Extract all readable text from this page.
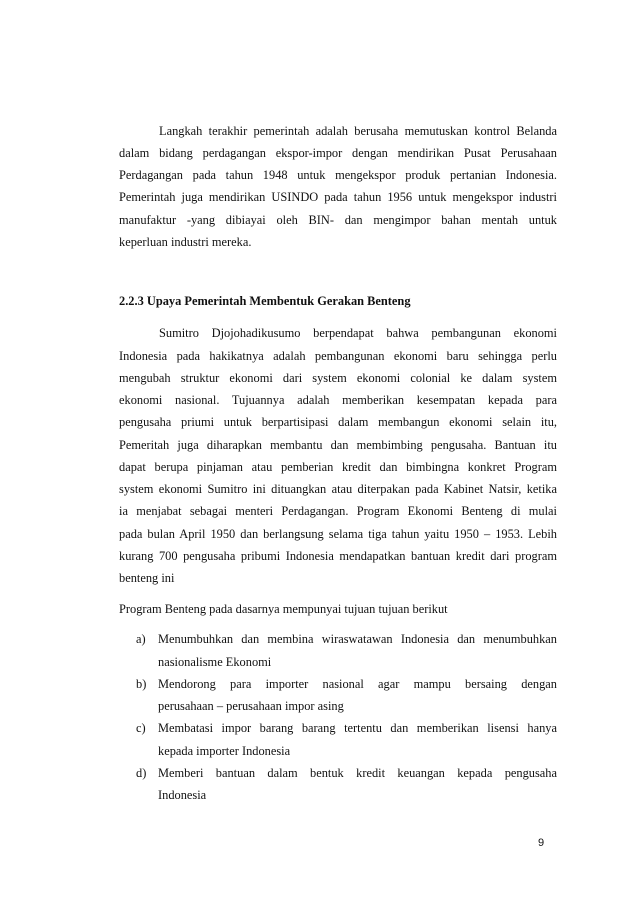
Langkah terakhir pemerintah adalah berusaha memutuskan kontrol Belanda
dalam bidang perdagangan ekspor-impor dengan mendirikan Pusat Perusahaan
Perdagangan pada tahun 1948 untuk mengekspor produk pertanian Indonesia.
Pemerintah juga mendirikan USINDO pada tahun 1956 untuk mengekspor industri
manufaktur -yang dibiayai oleh BIN- dan mengimpor bahan mentah untuk
keperluan industri mereka.
2.2.3 Upaya Pemerintah Membentuk Gerakan Benteng
Sumitro Djojohadikusumo berpendapat bahwa pembangunan ekonomi
Indonesia pada hakikatnya adalah pembangunan ekonomi baru sehingga perlu
mengubah struktur ekonomi dari system ekonomi colonial ke dalam system
ekonomi nasional. Tujuannya adalah memberikan kesempatan kepada para
pengusaha priumi untuk berpartisipasi dalam membangun ekonomi selain itu,
Pemeritah juga diharapkan membantu dan membimbing pengusaha. Bantuan itu
dapat berupa pinjaman atau pemberian kredit dan bimbingna konkret Program
system ekonomi Sumitro ini dituangkan atau diterpakan pada Kabinet Natsir, ketika
ia menjabat sebagai menteri Perdagangan. Program Ekonomi Benteng di mulai
pada bulan April 1950 dan berlangsung selama tiga tahun yaitu 1950 – 1953. Lebih
kurang 700 pengusaha pribumi Indonesia mendapatkan bantuan kredit dari program
benteng ini
Program Benteng pada dasarnya mempunyai tujuan tujuan berikut
a) Menumbuhkan dan membina wiraswatawan Indonesia dan menumbuhkan
nasionalisme Ekonomi
b) Mendorong para importer nasional agar mampu bersaing dengan
perusahaan – perusahaan impor asing
c) Membatasi impor barang barang tertentu dan memberikan lisensi hanya
kepada importer Indonesia
d) Memberi bantuan dalam bentuk kredit keuangan kepada pengusaha
Indonesia
9
